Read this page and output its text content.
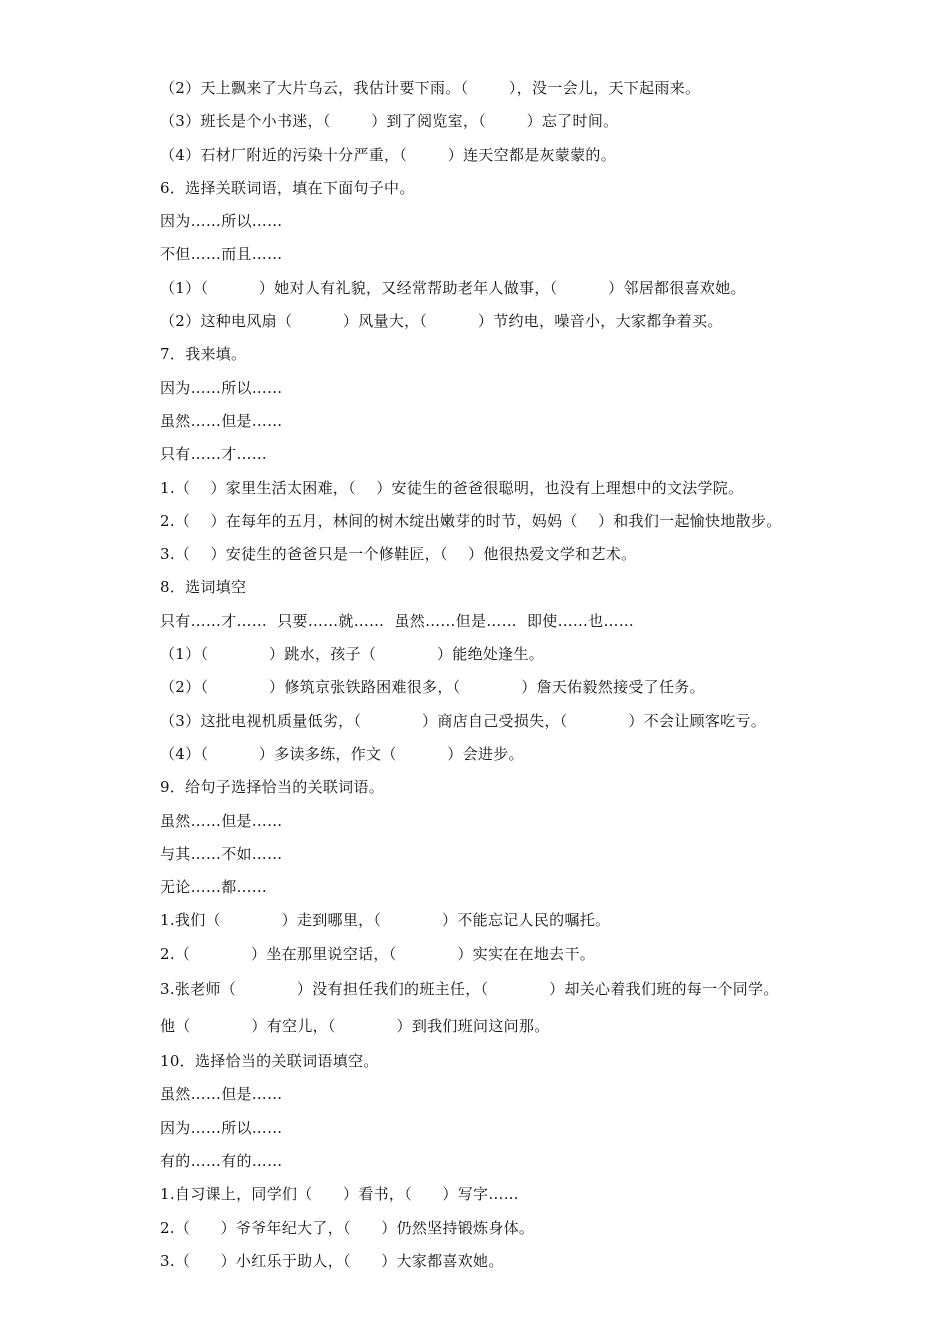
（2）天上飘来了大片乌云，我估计要下雨。（        ），没一会儿，天下起雨来。
（3）班长是个小书迷，（        ）到了阅览室，（        ）忘了时间。
（4）石材厂附近的污染十分严重，（        ）连天空都是灰蒙蒙的。
6．选择关联词语，填在下面句子中。
因为……所以……
不但……而且……
（1）（          ）她对人有礼貌，又经常帮助老年人做事，（          ）邻居都很喜欢她。
（2）这种电风扇（          ）风量大，（          ）节约电，噪音小，大家都争着买。
7．我来填。
因为……所以……
虽然……但是……
只有……才……
1.（    ）家里生活太困难，（    ）安徒生的爸爸很聪明，也没有上理想中的文法学院。
2.（    ）在每年的五月，林间的树木绽出嫩芽的时节，妈妈（    ）和我们一起愉快地散步。
3.（    ）安徒生的爸爸只是一个修鞋匠，（    ）他很热爱文学和艺术。
8．选词填空
只有……才……  只要……就……  虽然……但是……  即使……也……
（1）（            ）跳水，孩子（            ）能绝处逢生。
（2）（            ）修筑京张铁路困难很多，（            ）詹天佑毅然接受了任务。
（3）这批电视机质量低劣，（            ）商店自己受损失，（            ）不会让顾客吃亏。
（4）（          ）多读多练，作文（          ）会进步。
9．给句子选择恰当的关联词语。
虽然……但是……
与其……不如……
无论……都……
1.我们（            ）走到哪里，（            ）不能忘记人民的嘱托。
2.（            ）坐在那里说空话，（            ）实实在在地去干。
3.张老师（            ）没有担任我们的班主任，（            ）却关心着我们班的每一个同学。
他（            ）有空儿，（            ）到我们班问这问那。
10．选择恰当的关联词语填空。
虽然……但是……
因为……所以……
有的……有的……
1.自习课上，同学们（      ）看书，（      ）写字……
2.（      ）爷爷年纪大了，（      ）仍然坚持锻炼身体。
3.（      ）小红乐于助人，（      ）大家都喜欢她。
